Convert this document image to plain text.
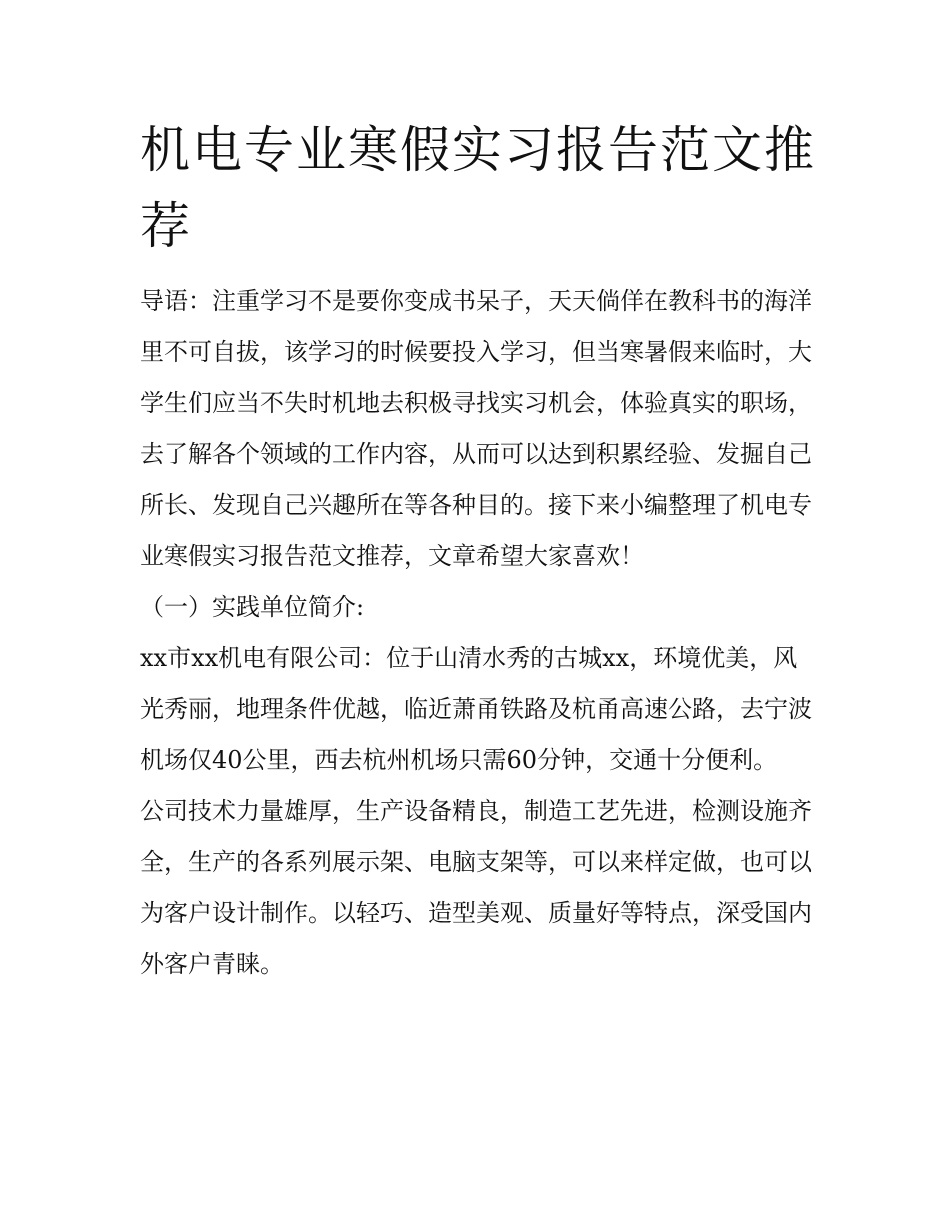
机电专业寒假实习报告范文推荐

导语：注重学习不是要你变成书呆子，天天倘佯在教科书的海洋里不可自拔，该学习的时候要投入学习，但当寒暑假来临时，大学生们应当不失时机地去积极寻找实习机会，体验真实的职场，去了解各个领域的工作内容，从而可以达到积累经验、发掘自己所长、发现自己兴趣所在等各种目的。接下来小编整理了机电专业寒假实习报告范文推荐，文章希望大家喜欢！

（一）实践单位简介:

xx市xx机电有限公司：位于山清水秀的古城xx，环境优美，风光秀丽，地理条件优越，临近萧甬铁路及杭甬高速公路，去宁波机场仅40公里，西去杭州机场只需60分钟，交通十分便利。

公司技术力量雄厚，生产设备精良，制造工艺先进，检测设施齐全，生产的各系列展示架、电脑支架等，可以来样定做，也可以为客户设计制作。以轻巧、造型美观、质量好等特点，深受国内外客户青睐。
